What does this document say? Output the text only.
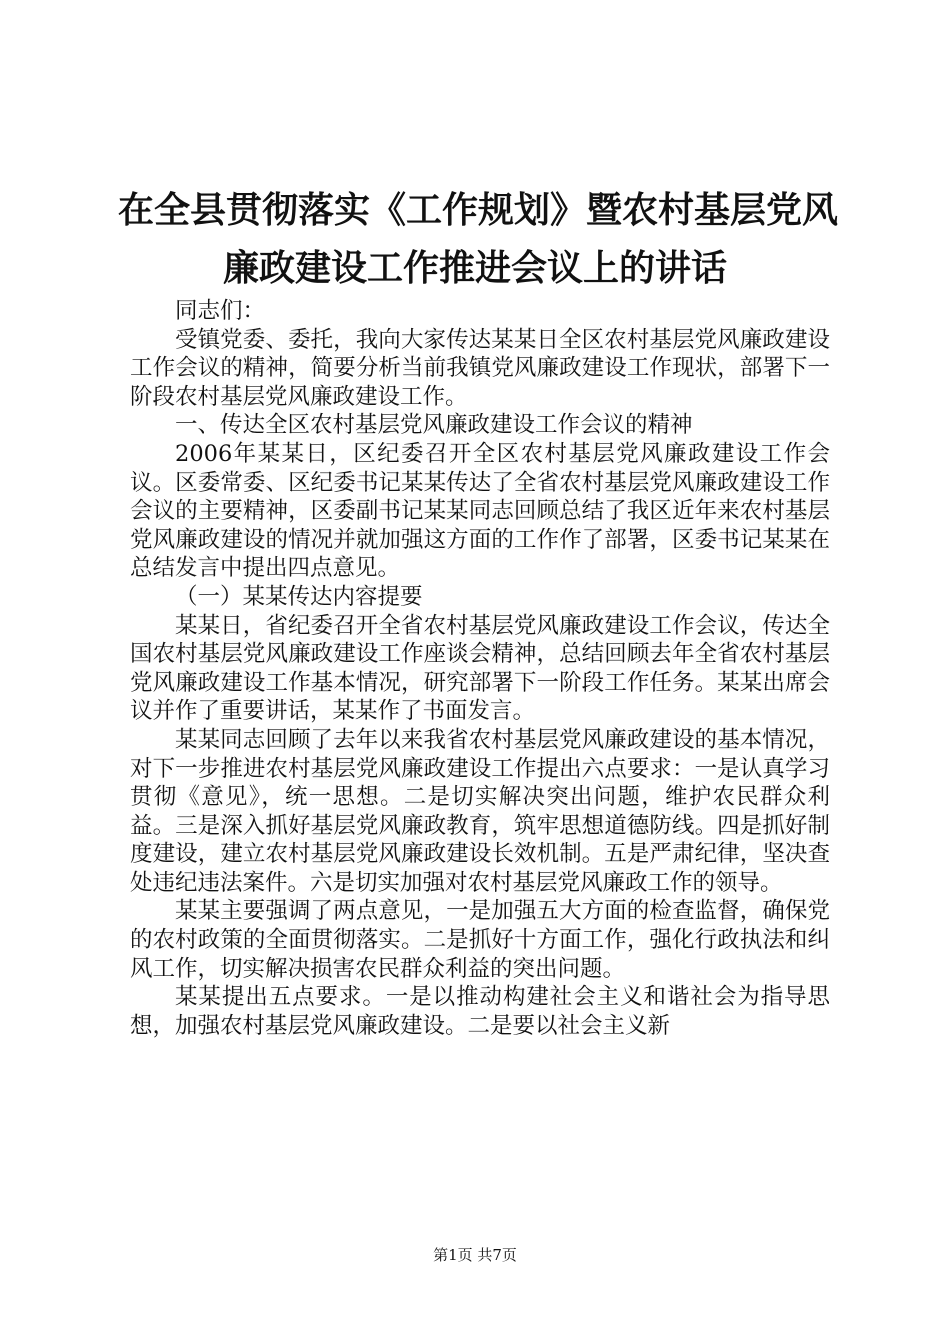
在全县贯彻落实《工作规划》暨农村基层党风
廉政建设工作推进会议上的讲话

同志们：

受镇党委、委托，我向大家传达某某日全区农村基层党风廉政建设工作会议的精神，简要分析当前我镇党风廉政建设工作现状，部署下一阶段农村基层党风廉政建设工作。

一、传达全区农村基层党风廉政建设工作会议的精神

2006年某某日，区纪委召开全区农村基层党风廉政建设工作会议。区委常委、区纪委书记某某传达了全省农村基层党风廉政建设工作会议的主要精神，区委副书记某某同志回顾总结了我区近年来农村基层党风廉政建设的情况并就加强这方面的工作作了部署，区委书记某某在总结发言中提出四点意见。

（一）某某传达内容提要

某某日，省纪委召开全省农村基层党风廉政建设工作会议，传达全国农村基层党风廉政建设工作座谈会精神，总结回顾去年全省农村基层党风廉政建设工作基本情况，研究部署下一阶段工作任务。某某出席会议并作了重要讲话，某某作了书面发言。

某某同志回顾了去年以来我省农村基层党风廉政建设的基本情况，对下一步推进农村基层党风廉政建设工作提出六点要求：一是认真学习贯彻《意见》，统一思想。二是切实解决突出问题，维护农民群众利益。三是深入抓好基层党风廉政教育，筑牢思想道德防线。四是抓好制度建设，建立农村基层党风廉政建设长效机制。五是严肃纪律，坚决查处违纪违法案件。六是切实加强对农村基层党风廉政工作的领导。

某某主要强调了两点意见，一是加强五大方面的检查监督，确保党的农村政策的全面贯彻落实。二是抓好十方面工作，强化行政执法和纠风工作，切实解决损害农民群众利益的突出问题。

某某提出五点要求。一是以推动构建社会主义和谐社会为指导思想，加强农村基层党风廉政建设。二是要以社会主义新

第1页 共7页
